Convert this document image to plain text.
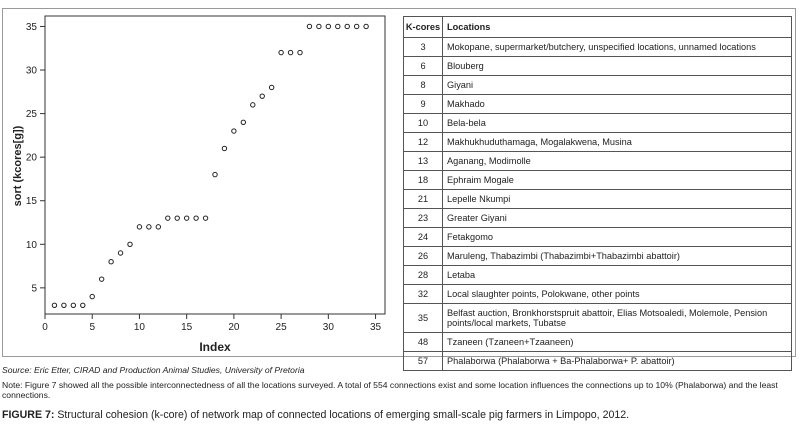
0	5	10	15	20	25	30	35
5
10
15
20
25
30
35
Index
sort (kcores[g])
K-cores	Locations
3	Mokopane, supermarket/butchery, unspecified locations, unnamed locations
6	Blouberg
8	Giyani
9	Makhado
10	Bela-bela
12	Makhukhuduthamaga, Mogalakwena, Musina
13	Aganang, Modimolle
18	Ephraim Mogale
21	Lepelle Nkumpi
23	Greater Giyani
24	Fetakgomo
26	Maruleng, Thabazimbi (Thabazimbi+Thabazimbi abattoir)
28	Letaba
32	Local slaughter points, Polokwane, other points
35	Belfast auction, Bronkhorstspruit abattoir, Elias Motsoaledi, Molemole, Pension points/local markets, Tubatse
48	Tzaneen (Tzaneen+Tzaaneen)
57	Phalaborwa (Phalaborwa + Ba-Phalaborwa+ P. abattoir)
Source: Eric Etter, CIRAD and Production Animal Studies, University of Pretoria
Note: Figure 7 showed all the possible interconnectedness of all the locations surveyed. A total of 554 connections exist and some location influences the connections up to 10% (Phalaborwa) and the least connections.
FIGURE 7: Structural cohesion (k-core) of network map of connected locations of emerging small-scale pig farmers in Limpopo, 2012.
